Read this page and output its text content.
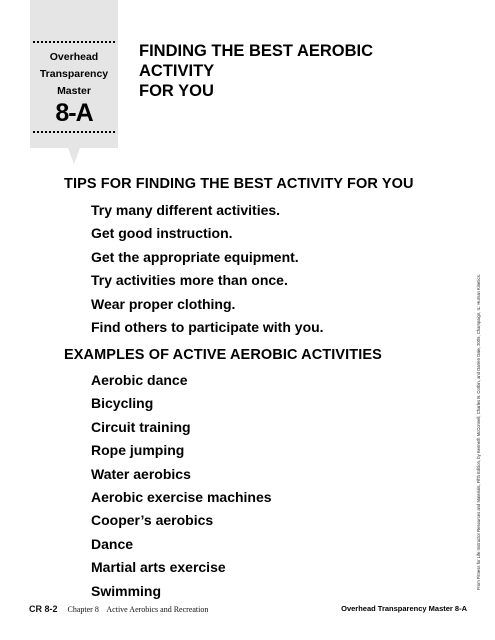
Overhead
Transparency
Master
8-A
FINDING THE BEST AEROBIC ACTIVITY
FOR YOU
TIPS FOR FINDING THE BEST ACTIVITY FOR YOU
Try many different activities.
Get good instruction.
Get the appropriate equipment.
Try activities more than once.
Wear proper clothing.
Find others to participate with you.
EXAMPLES OF ACTIVE AEROBIC ACTIVITIES
Aerobic dance
Bicycling
Circuit training
Rope jumping
Water aerobics
Aerobic exercise machines
Cooper’s aerobics
Dance
Martial arts exercise
Swimming
From Fitness for Life Instructor Resources and Materials, Fifth Edition, by Kenneth McConnell, Charles B. Corbin, and Darren Dale, 2005, Champaign, IL: Human Kinetics.
CR 8-2 Chapter 8 Active Aerobics and Recreation	Overhead Transparency Master 8-A
